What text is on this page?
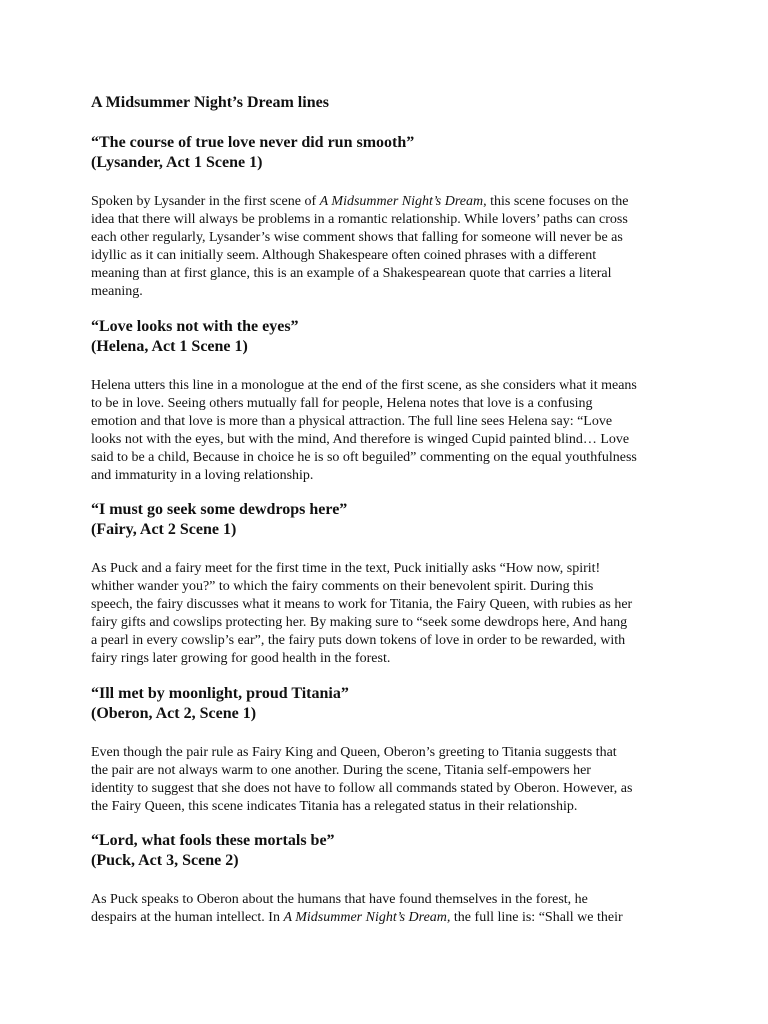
A Midsummer Night’s Dream lines
“The course of true love never did run smooth”
(Lysander, Act 1 Scene 1)
Spoken by Lysander in the first scene of A Midsummer Night’s Dream, this scene focuses on the
idea that there will always be problems in a romantic relationship. While lovers’ paths can cross
each other regularly, Lysander’s wise comment shows that falling for someone will never be as
idyllic as it can initially seem. Although Shakespeare often coined phrases with a different
meaning than at first glance, this is an example of a Shakespearean quote that carries a literal
meaning.
“Love looks not with the eyes”
(Helena, Act 1 Scene 1)
Helena utters this line in a monologue at the end of the first scene, as she considers what it means
to be in love. Seeing others mutually fall for people, Helena notes that love is a confusing
emotion and that love is more than a physical attraction. The full line sees Helena say: “Love
looks not with the eyes, but with the mind, And therefore is winged Cupid painted blind… Love
said to be a child, Because in choice he is so oft beguiled” commenting on the equal youthfulness
and immaturity in a loving relationship.
“I must go seek some dewdrops here”
(Fairy, Act 2 Scene 1)
As Puck and a fairy meet for the first time in the text, Puck initially asks “How now, spirit!
whither wander you?” to which the fairy comments on their benevolent spirit. During this
speech, the fairy discusses what it means to work for Titania, the Fairy Queen, with rubies as her
fairy gifts and cowslips protecting her. By making sure to “seek some dewdrops here, And hang
a pearl in every cowslip’s ear”, the fairy puts down tokens of love in order to be rewarded, with
fairy rings later growing for good health in the forest.
“Ill met by moonlight, proud Titania”
(Oberon, Act 2, Scene 1)
Even though the pair rule as Fairy King and Queen, Oberon’s greeting to Titania suggests that
the pair are not always warm to one another. During the scene, Titania self-empowers her
identity to suggest that she does not have to follow all commands stated by Oberon. However, as
the Fairy Queen, this scene indicates Titania has a relegated status in their relationship.
“Lord, what fools these mortals be”
(Puck, Act 3, Scene 2)
As Puck speaks to Oberon about the humans that have found themselves in the forest, he
despairs at the human intellect. In A Midsummer Night’s Dream, the full line is: “Shall we their
